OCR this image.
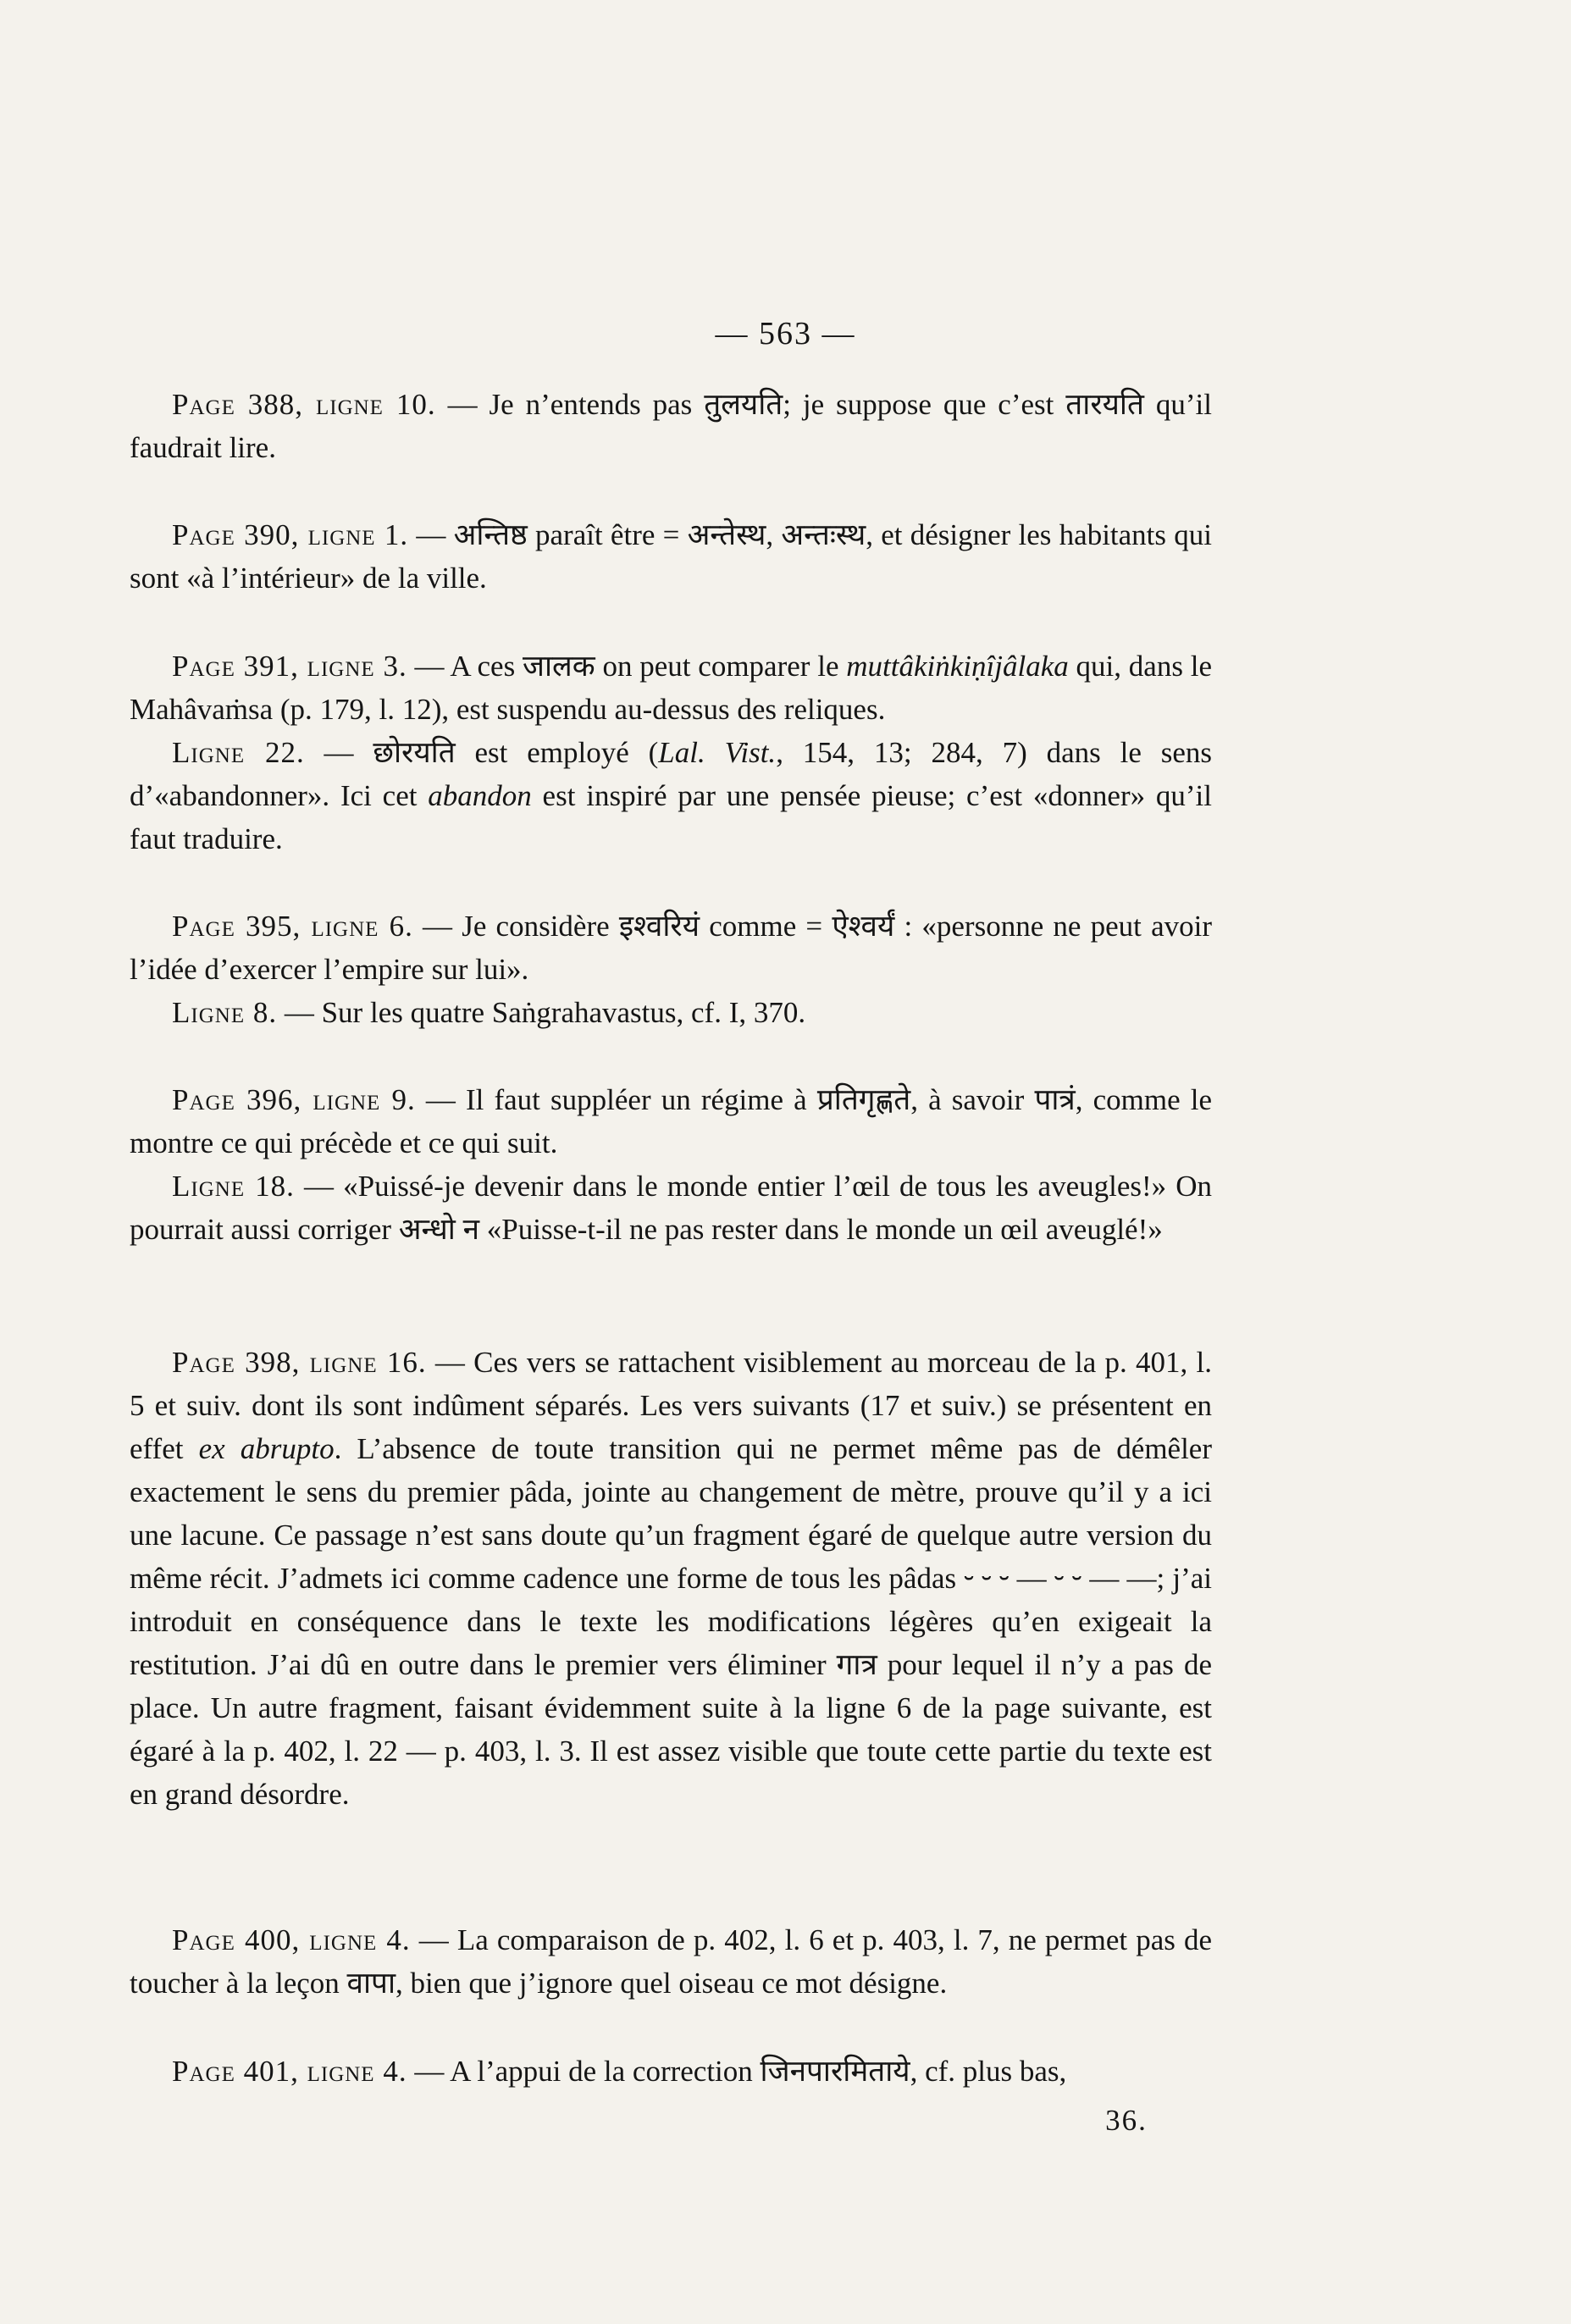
— 563 —

Page 388, ligne 10. — Je n’entends pas तुलयति; je suppose que c’est तारयति qu’il faudrait lire.

Page 390, ligne 1. — अन्तिष्ठ paraît être = अन्तेस्थ, अन्तःस्थ, et désigner les habitants qui sont «à l’intérieur» de la ville.

Page 391, ligne 3. — A ces जालक on peut comparer le muttâkiṅkiṇîjâlaka qui, dans le Mahâvaṁsa (p. 179, l. 12), est suspendu au-dessus des reliques.

Ligne 22. — छोरयति est employé (Lal. Vist., 154, 13; 284, 7) dans le sens d’«abandonner». Ici cet abandon est inspiré par une pensée pieuse; c’est «donner» qu’il faut traduire.

Page 395, ligne 6. — Je considère इश्वरियं comme = ऐश्वर्यं : «personne ne peut avoir l’idée d’exercer l’empire sur lui».

Ligne 8. — Sur les quatre Saṅgrahavastus, cf. I, 370.

Page 396, ligne 9. — Il faut suppléer un régime à प्रतिगृह्णते, à savoir पात्रं, comme le montre ce qui précède et ce qui suit.

Ligne 18. — «Puissé-je devenir dans le monde entier l’œil de tous les aveugles!» On pourrait aussi corriger अन्धो न «Puisse-t-il ne pas rester dans le monde un œil aveuglé!»

Page 398, ligne 16. — Ces vers se rattachent visiblement au morceau de la p. 401, l. 5 et suiv. dont ils sont indûment séparés. Les vers suivants (17 et suiv.) se présentent en effet ex abrupto. L’absence de toute transition qui ne permet même pas de démêler exactement le sens du premier pâda, jointe au changement de mètre, prouve qu’il y a ici une lacune. Ce passage n’est sans doute qu’un fragment égaré de quelque autre version du même récit. J’admets ici comme cadence une forme de tous les pâdas ⏑ ⏑ ⏑ — ⏑ ⏑ — —; j’ai introduit en conséquence dans le texte les modifications légères qu’en exigeait la restitution. J’ai dû en outre dans le premier vers éliminer गात्र pour lequel il n’y a pas de place. Un autre fragment, faisant évidemment suite à la ligne 6 de la page suivante, est égaré à la p. 402, l. 22 — p. 403, l. 3. Il est assez visible que toute cette partie du texte est en grand désordre.

Page 400, ligne 4. — La comparaison de p. 402, l. 6 et p. 403, l. 7, ne permet pas de toucher à la leçon वापा, bien que j’ignore quel oiseau ce mot désigne.

Page 401, ligne 4. — A l’appui de la correction जिनपारमिताये, cf. plus bas,

36.
